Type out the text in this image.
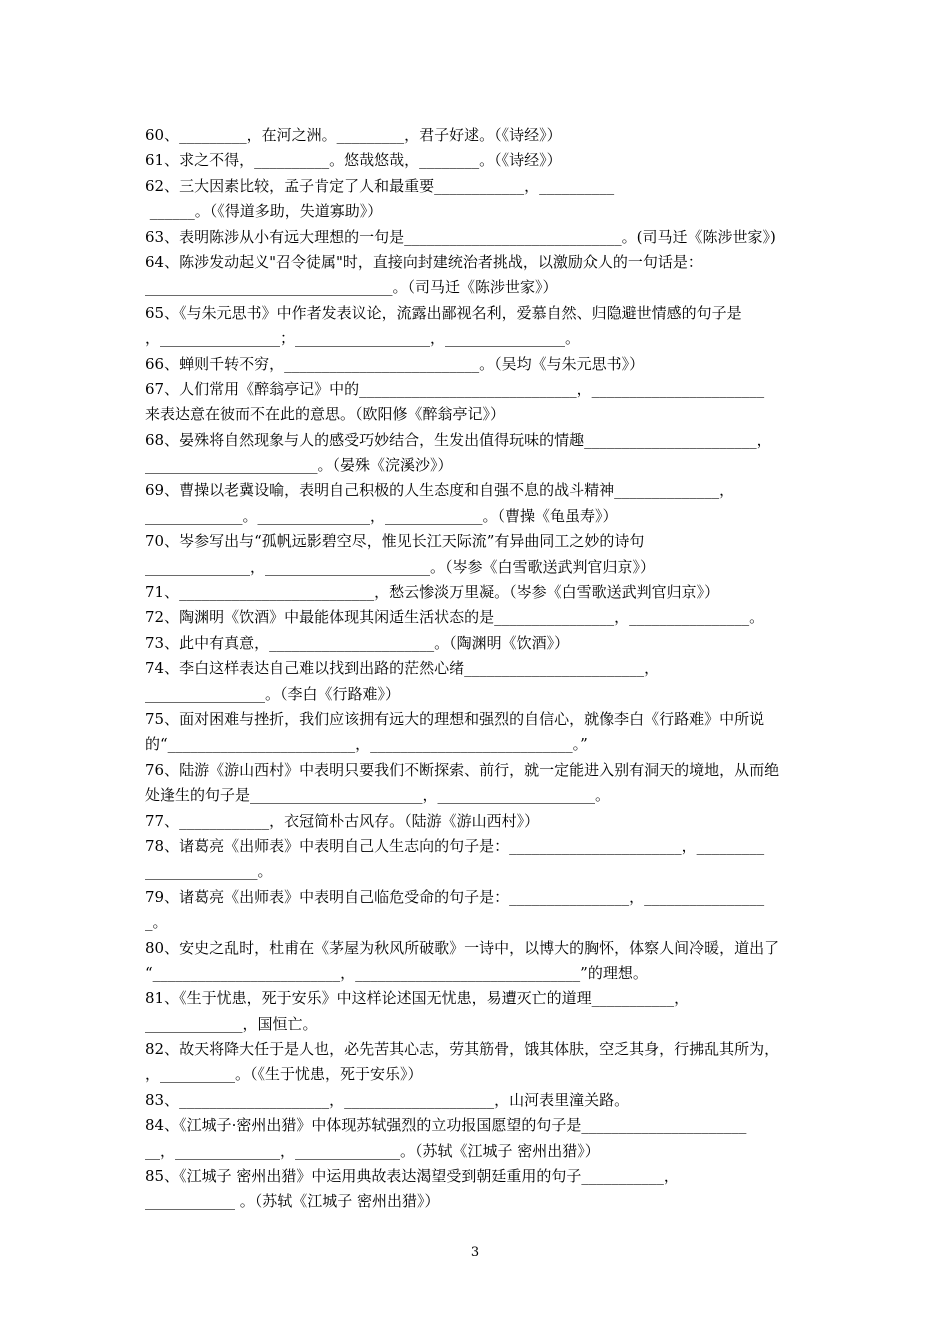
60、_________，在河之洲。_________，君子好逑。（《诗经》）
61、求之不得，__________。悠哉悠哉，________。（《诗经》）
62、三大因素比较，孟子肯定了人和最重要____________，__________
______。（《得道多助，失道寡助》）
63、表明陈涉从小有远大理想的一句是_____________________________。(司马迁《陈涉世家》)
64、陈涉发动起义"召令徒属"时，直接向封建统治者挑战，以激励众人的一句话是：
_________________________________。（司马迁《陈涉世家》）
65、《与朱元思书》中作者发表议论，流露出鄙视名利，爱慕自然、归隐避世情感的句子是
，________________；__________________，________________。
66、蝉则千转不穷，__________________________。（吴均《与朱元思书》）
67、人们常用《醉翁亭记》中的_____________________________，_______________________
来表达意在彼而不在此的意思。（欧阳修《醉翁亭记》）
68、晏殊将自然现象与人的感受巧妙结合，生发出值得玩味的情趣_______________________，
_______________________。（晏殊《浣溪沙》）
69、曹操以老冀设喻，表明自己积极的人生态度和自强不息的战斗精神______________，
_____________。_______________，_____________。（曹操《龟虽寿》）
70、岑参写出与“孤帆远影碧空尽，惟见长江天际流”有异曲同工之妙的诗句
______________，______________________。（岑参《白雪歌送武判官归京》）
71、__________________________，愁云惨淡万里凝。（岑参《白雪歌送武判官归京》）
72、陶渊明《饮酒》中最能体现其闲适生活状态的是________________，________________。
73、此中有真意，______________________。（陶渊明《饮酒》）
74、李白这样表达自己难以找到出路的茫然心绪________________________，
________________。（李白《行路难》）
75、面对困难与挫折，我们应该拥有远大的理想和强烈的自信心，就像李白《行路难》中所说
的“_________________________，___________________________。”
76、陆游《游山西村》中表明只要我们不断探索、前行，就一定能进入别有洞天的境地，从而绝
处逢生的句子是_______________________，_____________________。
77、____________，衣冠简朴古风存。（陆游《游山西村》）
78、诸葛亮《出师表》中表明自己人生志向的句子是：_______________________，_________
_______________。
79、诸葛亮《出师表》中表明自己临危受命的句子是：________________，________________
_。
80、安史之乱时，杜甫在《茅屋为秋风所破歌》一诗中，以博大的胸怀，体察人间冷暖，道出了
“_________________________，______________________________”的理想。
81、《生于忧患，死于安乐》中这样论述国无忧患，易遭灭亡的道理___________，
_____________，国恒亡。
82、故天将降大任于是人也，必先苦其心志，劳其筋骨，饿其体肤，空乏其身，行拂乱其所为，
，__________。（《生于忧患，死于安乐》）
83、____________________，____________________，山河表里潼关路。
84、《江城子·密州出猎》中体现苏轼强烈的立功报国愿望的句子是______________________
__，______________，______________。（苏轼《江城子 密州出猎》）
85、《江城子 密州出猎》中运用典故表达渴望受到朝廷重用的句子___________，
____________ 。（苏轼《江城子 密州出猎》）
3
